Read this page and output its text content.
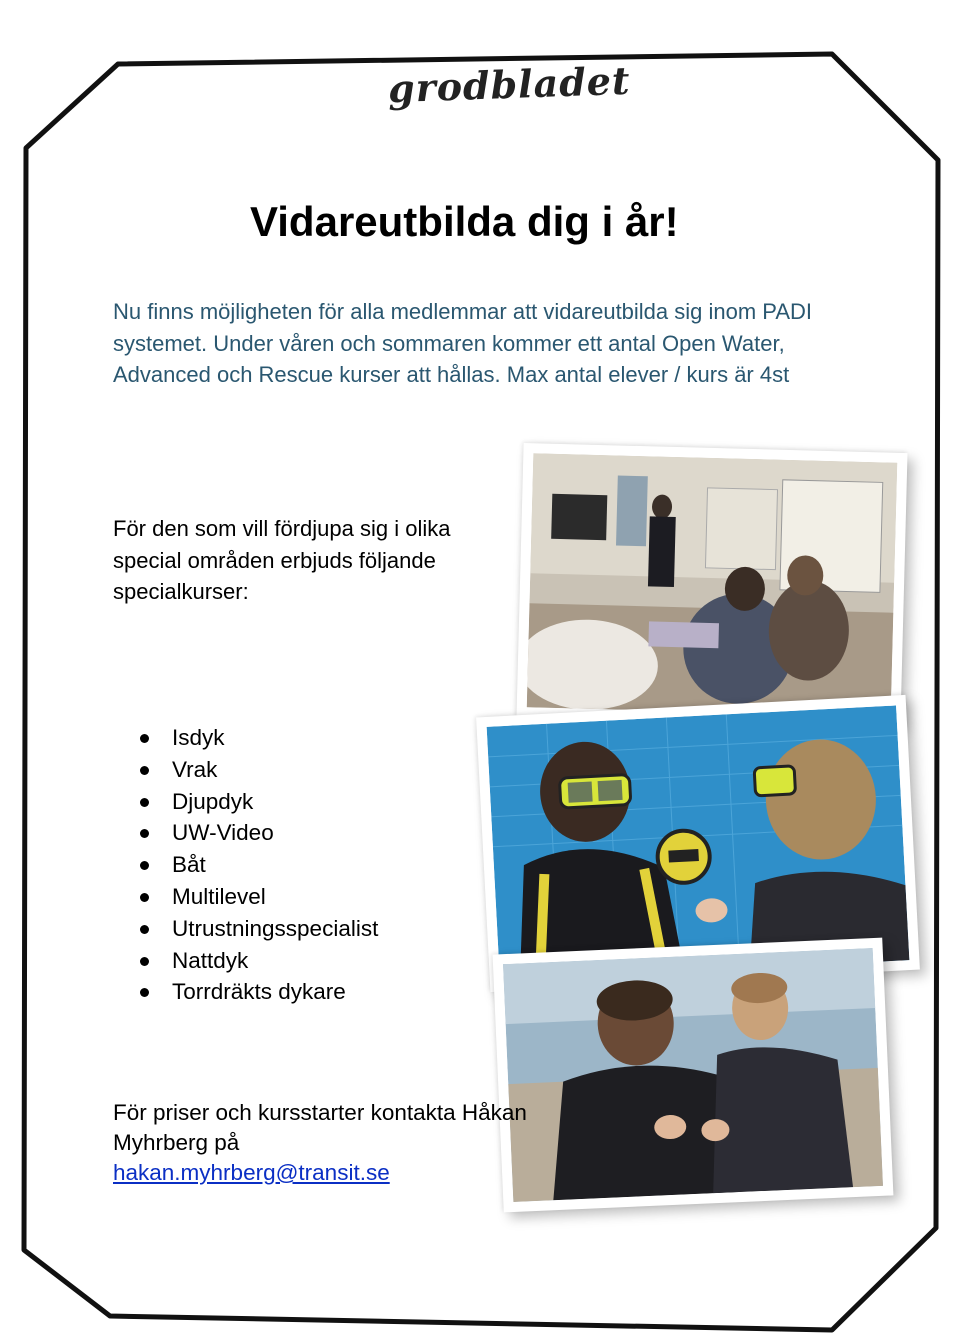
grodbladet
Vidareutbilda dig i år!

Nu finns möjligheten för alla medlemmar att vidareutbilda sig inom PADI systemet. Under våren och sommaren kommer ett antal Open Water, Advanced och Rescue kurser att hållas. Max antal elever / kurs är 4st

För den som vill fördjupa sig i olika special områden erbjuds följande specialkurser:

Isdyk
Vrak
Djupdyk
UW-Video
Båt
Multilevel
Utrustningsspecialist
Nattdyk
Torrdräkts dykare
För priser och kursstarter kontakta Håkan Myhrberg på
hakan.myhrberg@transit.se
